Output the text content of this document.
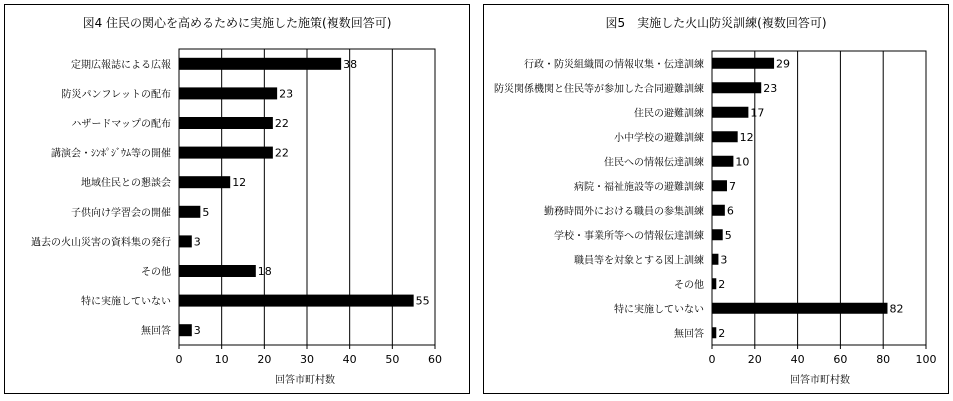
図4 住民の関心を高めるために実施した施策(複数回答可)
回答市町村数
0	10	20	30	40	50	60
定期広報誌による広報	38
防災パンフレットの配布	23
ハザードマップの配布	22
講演会・ｼﾝﾎﾟｼﾞｳﾑ等の開催	22
地域住民との懇談会	12
子供向け学習会の開催	5
過去の火山災害の資料集の発行 3
その他	18
特に実施していない	55
無回答 3
図5　実施した火山防災訓練(複数回答可)
回答市町村数
0	20	40	60	80 100
行政・防災組織間の情報収集・伝達訓練	29
防災関係機関と住民等が参加した合同避難訓練	23
住民の避難訓練	17
小中学校の避難訓練	12
住民への情報伝達訓練	10
病院・福祉施設等の避難訓練 7
勤務時間外における職員の参集訓練 6
学校・事業所等への情報伝達訓練 5
職員等を対象とする図上訓練 3
その他 2
特に実施していない	82
無回答 2
